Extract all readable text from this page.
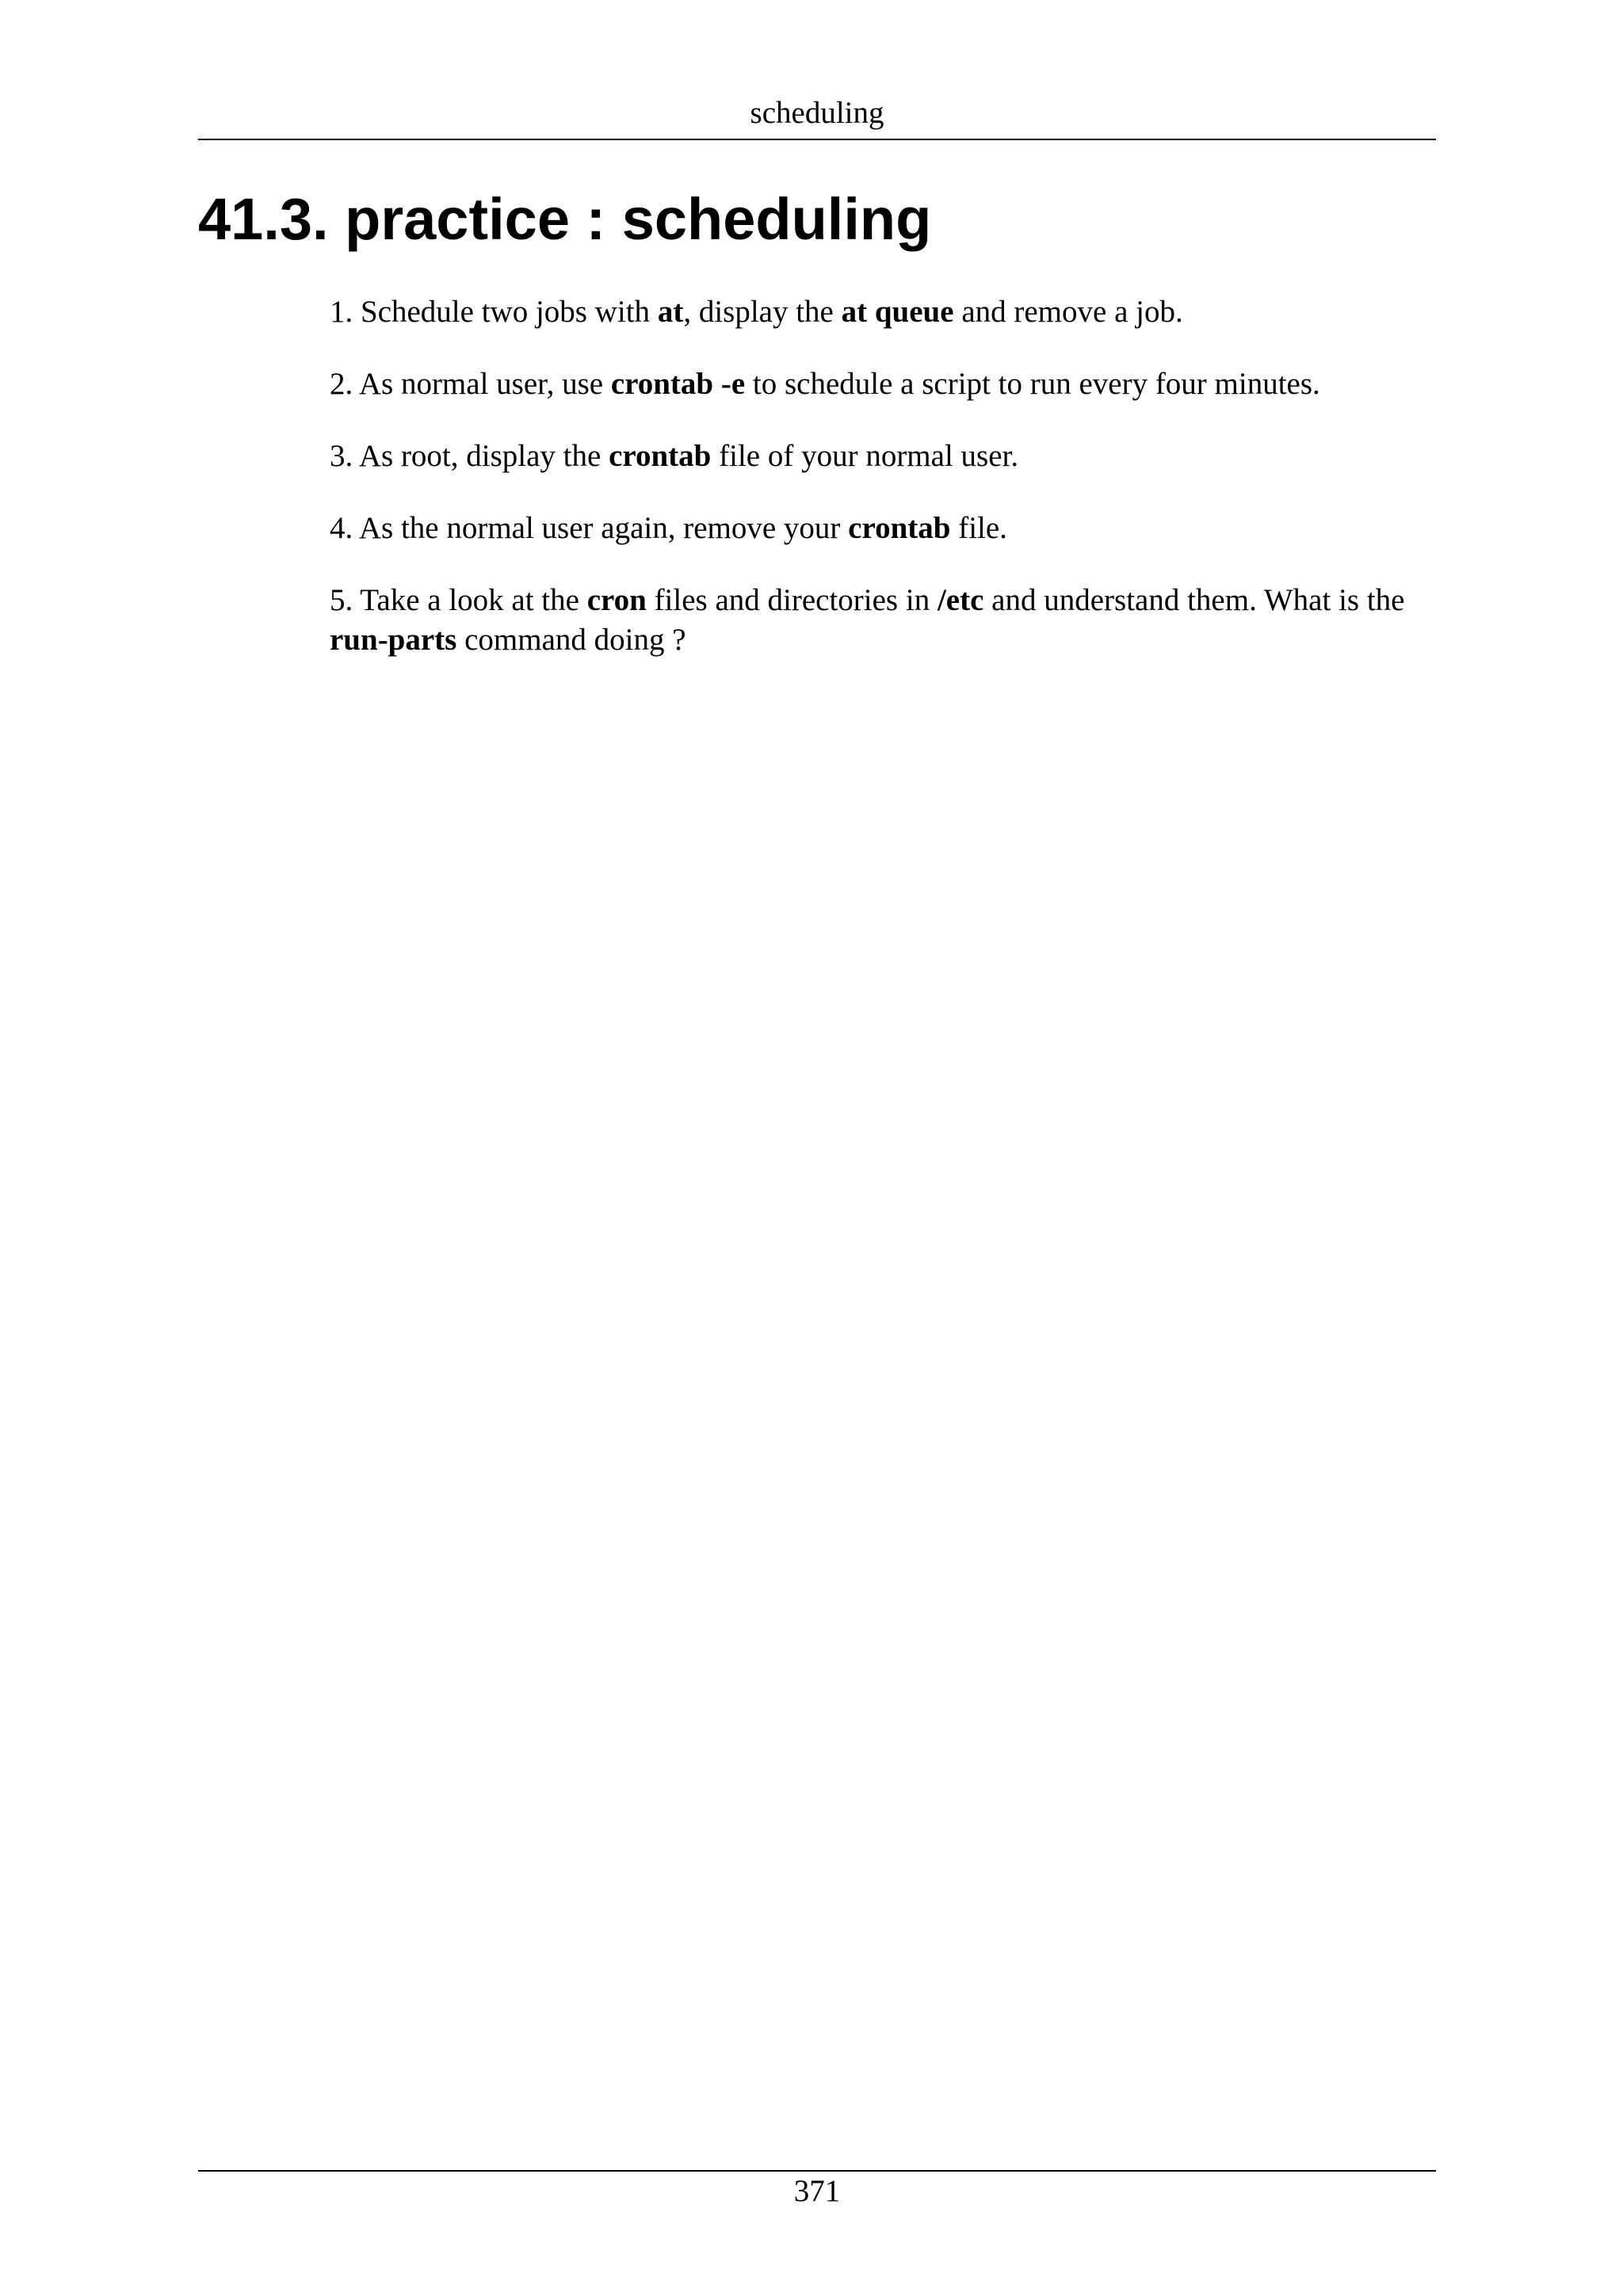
scheduling
41.3. practice : scheduling
1. Schedule two jobs with at, display the at queue and remove a job.
2. As normal user, use crontab -e to schedule a script to run every four minutes.
3. As root, display the crontab file of your normal user.
4. As the normal user again, remove your crontab file.
5. Take a look at the cron files and directories in /etc and understand them. What is the run-parts command doing ?
371
